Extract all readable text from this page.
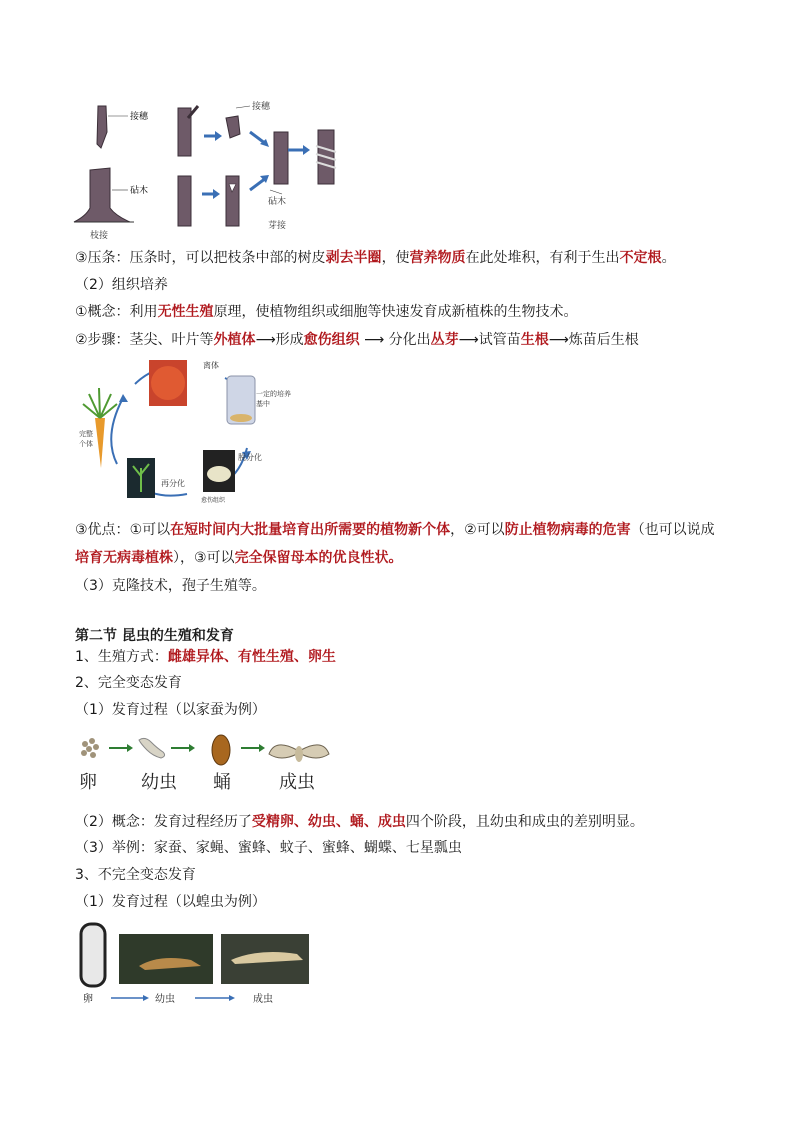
接穗
砧木
枝接
接穗
砧木
芽接
③压条：压条时，可以把枝条中部的树皮剥去半圈，使营养物质在此处堆积，有利于生出不定根。
（2）组织培养
①概念：利用无性生殖原理，使植物组织或细胞等快速发育成新植株的生物技术。
②步骤：茎尖、叶片等外植体⟶形成愈伤组织 ⟶ 分化出丛芽⟶试管苗生根⟶炼苗后生根
离体
一定的培养
基中
脱分化
愈伤组织
再分化
完整
个体
③优点：①可以在短时间内大批量培育出所需要的植物新个体，②可以防止植物病毒的危害（也可以说成
培育无病毒植株），③可以完全保留母本的优良性状。
（3）克隆技术，孢子生殖等。
第二节 昆虫的生殖和发育
1、生殖方式：雌雄异体、有性生殖、卵生
2、完全变态发育
（1）发育过程（以家蚕为例）
卵 幼虫 蛹	成虫
（2）概念：发育过程经历了受精卵、幼虫、蛹、成虫四个阶段，且幼虫和成虫的差别明显。
（3）举例：家蚕、家蝇、蜜蜂、蚊子、蜜蜂、蝴蝶、七星瓢虫
3、不完全变态发育
（1）发育过程（以蝗虫为例）
卵	幼虫	成虫
